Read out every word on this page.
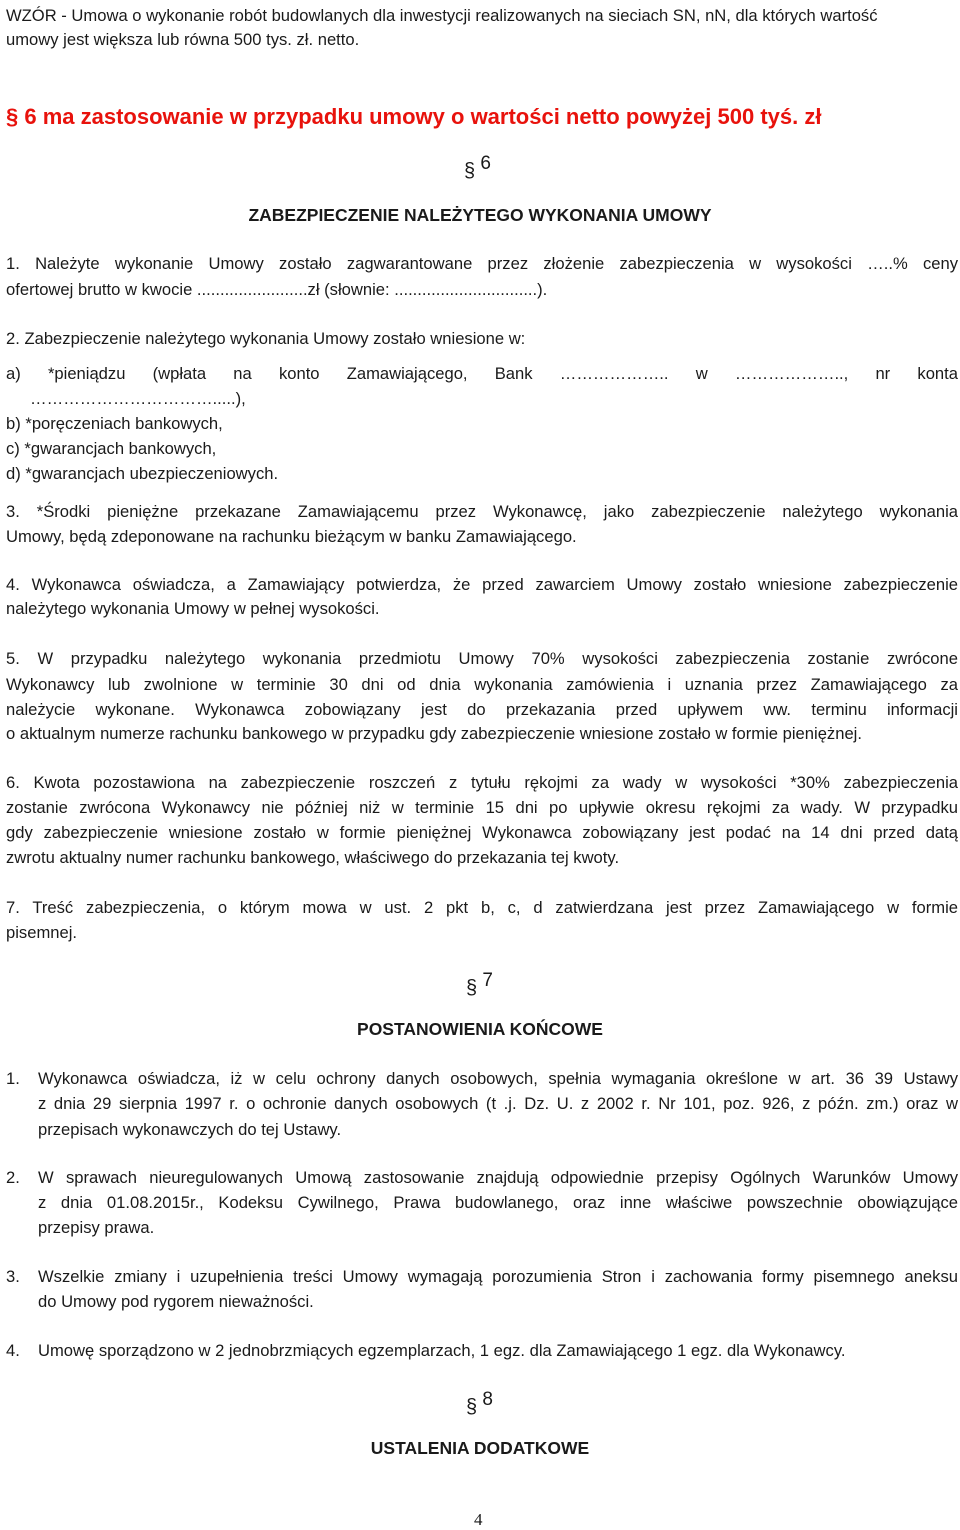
WZÓR - Umowa o wykonanie robót budowlanych dla inwestycji realizowanych na sieciach SN, nN, dla których wartość
umowy jest większa lub równa 500 tys. zł. netto.
§ 6 ma zastosowanie w przypadku umowy o wartości netto powyżej 500 tyś. zł
§ 6
ZABEZPIECZENIE NALEŻYTEGO WYKONANIA UMOWY
1. Należyte wykonanie Umowy zostało zagwarantowane przez złożenie zabezpieczenia w wysokości …..% ceny
ofertowej brutto w kwocie ........................zł (słownie: ...............................).
2. Zabezpieczenie należytego wykonania Umowy zostało wniesione w:
a) *pieniądzu (wpłata na konto Zamawiającego, Bank ……………….. w ……………….., nr konta
…………………………….....),
b) *poręczeniach bankowych,
c) *gwarancjach bankowych,
d) *gwarancjach ubezpieczeniowych.
3. *Środki pieniężne przekazane Zamawiającemu przez Wykonawcę, jako zabezpieczenie należytego wykonania
Umowy, będą zdeponowane na rachunku bieżącym w banku Zamawiającego.
4. Wykonawca oświadcza, a Zamawiający potwierdza, że przed zawarciem Umowy zostało wniesione zabezpieczenie
należytego wykonania Umowy w pełnej wysokości.
5. W przypadku należytego wykonania przedmiotu Umowy 70% wysokości zabezpieczenia zostanie zwrócone
Wykonawcy lub zwolnione w terminie 30 dni od dnia wykonania zamówienia i uznania przez Zamawiającego za
należycie wykonane. Wykonawca zobowiązany jest do przekazania przed upływem ww. terminu informacji
o aktualnym numerze rachunku bankowego w przypadku gdy zabezpieczenie wniesione zostało w formie pieniężnej.
6. Kwota pozostawiona na zabezpieczenie roszczeń z tytułu rękojmi za wady w wysokości *30% zabezpieczenia
zostanie zwrócona Wykonawcy nie później niż w terminie 15 dni po upływie okresu rękojmi za wady. W przypadku
gdy zabezpieczenie wniesione zostało w formie pieniężnej Wykonawca zobowiązany jest podać na 14 dni przed datą
zwrotu aktualny numer rachunku bankowego, właściwego do przekazania tej kwoty.
7. Treść zabezpieczenia, o którym mowa w ust. 2 pkt b, c, d zatwierdzana jest przez Zamawiającego w formie
pisemnej.
§ 7
POSTANOWIENIA KOŃCOWE
1. Wykonawca oświadcza, iż w celu ochrony danych osobowych, spełnia wymagania określone w art. 36 39 Ustawy
z dnia 29 sierpnia 1997 r. o ochronie danych osobowych (t .j. Dz. U. z 2002 r. Nr 101, poz. 926, z późn. zm.) oraz w
przepisach wykonawczych do tej Ustawy.
2. W sprawach nieuregulowanych Umową zastosowanie znajdują odpowiednie przepisy Ogólnych Warunków Umowy
z dnia 01.08.2015r., Kodeksu Cywilnego, Prawa budowlanego, oraz inne właściwe powszechnie obowiązujące
przepisy prawa.
3. Wszelkie zmiany i uzupełnienia treści Umowy wymagają porozumienia Stron i zachowania formy pisemnego aneksu
do Umowy pod rygorem nieważności.
4. Umowę sporządzono w 2 jednobrzmiących egzemplarzach, 1 egz. dla Zamawiającego 1 egz. dla Wykonawcy.
§ 8
USTALENIA DODATKOWE
4
